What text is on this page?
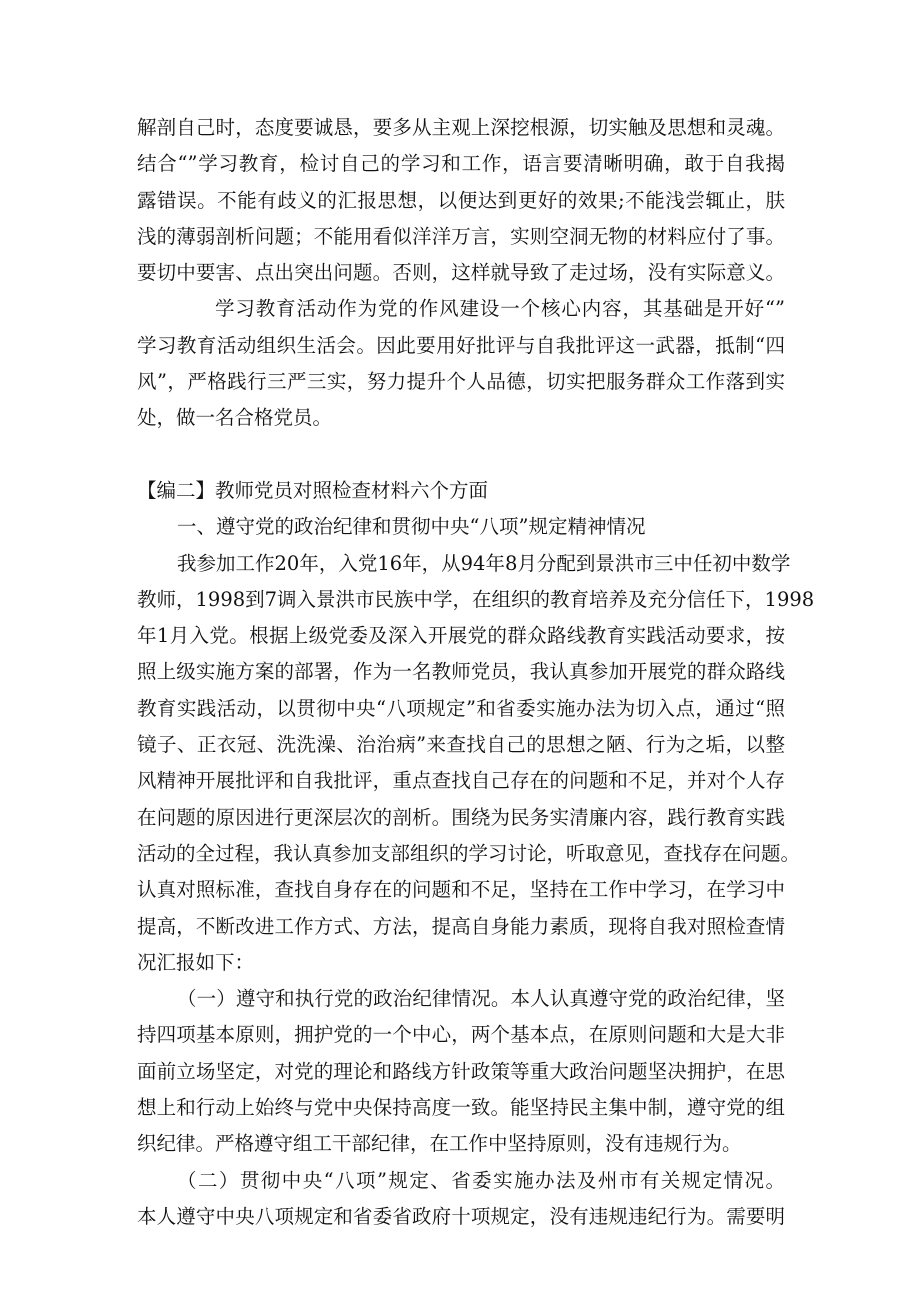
解剖自己时，态度要诚恳，要多从主观上深挖根源，切实触及思想和灵魂。
结合“”学习教育，检讨自己的学习和工作，语言要清晰明确，敢于自我揭
露错误。不能有歧义的汇报思想，以便达到更好的效果;不能浅尝辄止，肤
浅的薄弱剖析问题；不能用看似洋洋万言，实则空洞无物的材料应付了事。
要切中要害、点出突出问题。否则，这样就导致了走过场，没有实际意义。
学习教育活动作为党的作风建设一个核心内容，其基础是开好“”
学习教育活动组织生活会。因此要用好批评与自我批评这一武器，抵制“四
风”，严格践行三严三实，努力提升个人品德，切实把服务群众工作落到实
处，做一名合格党员。
【编二】教师党员对照检查材料六个方面
一、遵守党的政治纪律和贯彻中央“八项”规定精神情况
我参加工作20年，入党16年，从94年8月分配到景洪市三中任初中数学
教师，1998到7调入景洪市民族中学，在组织的教育培养及充分信任下，1998
年1月入党。根据上级党委及深入开展党的群众路线教育实践活动要求，按
照上级实施方案的部署，作为一名教师党员，我认真参加开展党的群众路线
教育实践活动，以贯彻中央“八项规定”和省委实施办法为切入点，通过“照
镜子、正衣冠、洗洗澡、治治病”来查找自己的思想之陋、行为之垢，以整
风精神开展批评和自我批评，重点查找自己存在的问题和不足，并对个人存
在问题的原因进行更深层次的剖析。围绕为民务实清廉内容，践行教育实践
活动的全过程，我认真参加支部组织的学习讨论，听取意见，查找存在问题。
认真对照标准，查找自身存在的问题和不足，坚持在工作中学习，在学习中
提高，不断改进工作方式、方法，提高自身能力素质，现将自我对照检查情
况汇报如下：
（一）遵守和执行党的政治纪律情况。本人认真遵守党的政治纪律，坚
持四项基本原则，拥护党的一个中心，两个基本点，在原则问题和大是大非
面前立场坚定，对党的理论和路线方针政策等重大政治问题坚决拥护，在思
想上和行动上始终与党中央保持高度一致。能坚持民主集中制，遵守党的组
织纪律。严格遵守组工干部纪律，在工作中坚持原则，没有违规行为。
（二）贯彻中央“八项”规定、省委实施办法及州市有关规定情况。
本人遵守中央八项规定和省委省政府十项规定，没有违规违纪行为。需要明
